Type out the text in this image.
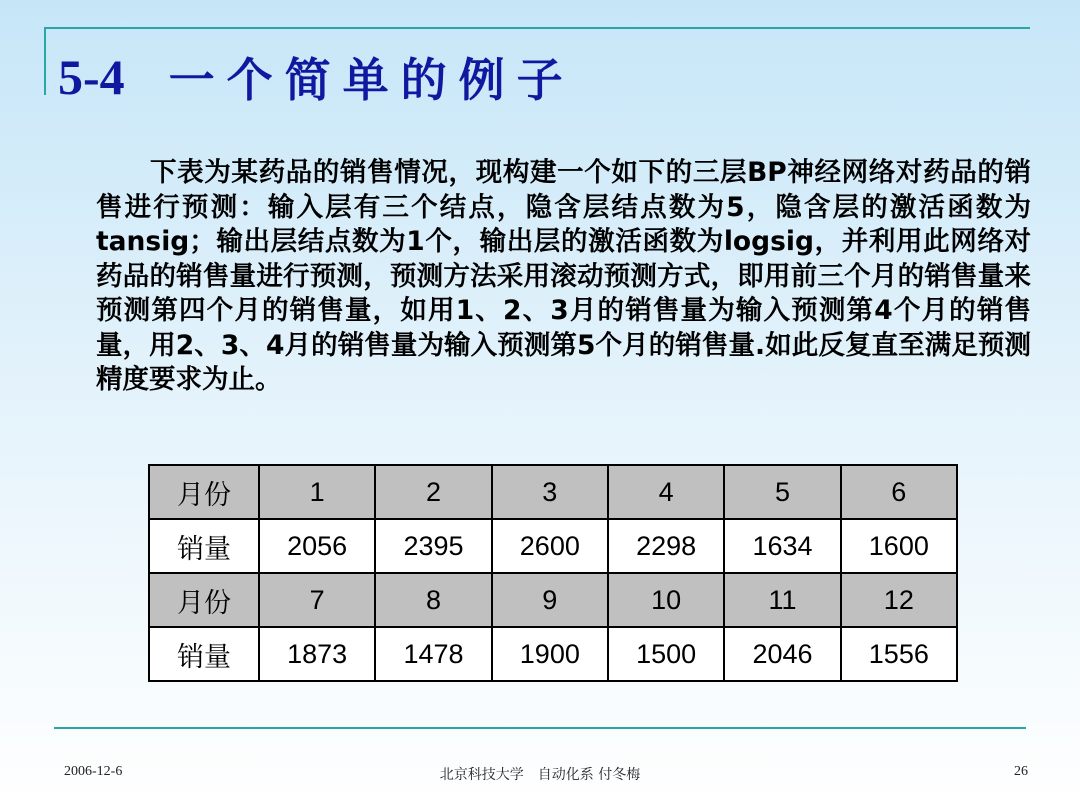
5-4 一个简单的例子

下表为某药品的销售情况，现构建一个如下的三层BP神经网络对药品的销售进行预测：输入层有三个结点，隐含层结点数为5，隐含层的激活函数为tansig；输出层结点数为1个，输出层的激活函数为logsig，并利用此网络对药品的销售量进行预测，预测方法采用滚动预测方式，即用前三个月的销售量来预测第四个月的销售量，如用1、2、3月的销售量为输入预测第4个月的销售量，用2、3、4月的销售量为输入预测第5个月的销售量.如此反复直至满足预测精度要求为止。

月份	1	2	3	4	5	6
销量	2056	2395	2600	2298	1634	1600
月份	7	8	9	10	11	12
销量	1873	1478	1900	1500	2046	1556
2006-12-6	北京科技大学　自动化系 付冬梅	26
